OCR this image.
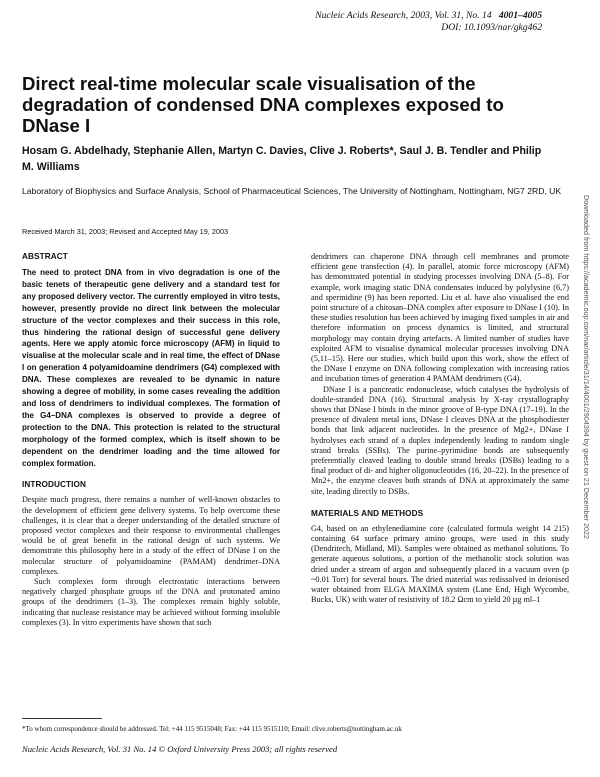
Nucleic Acids Research, 2003, Vol. 31, No. 14 4001–4005
DOI: 10.1093/nar/gkg462
Direct real-time molecular scale visualisation of the degradation of condensed DNA complexes exposed to DNase I
Hosam G. Abdelhady, Stephanie Allen, Martyn C. Davies, Clive J. Roberts*, Saul J. B. Tendler and Philip M. Williams
Laboratory of Biophysics and Surface Analysis, School of Pharmaceutical Sciences, The University of Nottingham, Nottingham, NG7 2RD, UK
Received March 31, 2003; Revised and Accepted May 19, 2003
ABSTRACT

The need to protect DNA from in vivo degradation is one of the basic tenets of therapeutic gene delivery and a standard test for any proposed delivery vector. The currently employed in vitro tests, however, presently provide no direct link between the molecular structure of the vector complexes and their success in this role, thus hindering the rational design of successful gene delivery agents. Here we apply atomic force microscopy (AFM) in liquid to visualise at the molecular scale and in real time, the effect of DNase I on generation 4 polyamidoamine dendrimers (G4) complexed with DNA. These complexes are revealed to be dynamic in nature showing a degree of mobility, in some cases revealing the addition and loss of dendrimers to individual complexes. The formation of the G4–DNA complexes is observed to provide a degree of protection to the DNA. This protection is related to the structural morphology of the formed complex, which is itself shown to be dependent on the dendrimer loading and the time allowed for complex formation.

INTRODUCTION

Despite much progress, there remains a number of well-known obstacles to the development of efficient gene delivery systems. To help overcome these challenges, it is clear that a deeper understanding of the detailed structure of proposed vector complexes and their response to environmental challenges would be of great benefit in the rational design of such systems. We demonstrate this philosophy here in a study of the effect of DNase I on the molecular structure of polyamidoamine (PAMAM) dendrimer–DNA complexes.

Such complexes form through electrostatic interactions between negatively charged phosphate groups of the DNA and protonated amino groups of the dendrimers (1–3). The complexes remain highly soluble, indicating that nuclease resistance may be achieved without forming insoluble complexes (3). In vitro experiments have shown that such

dendrimers can chaperone DNA through cell membranes and promote efficient gene transfection (4). In parallel, atomic force microscopy (AFM) has demonstrated potential in studying processes involving DNA (5–8). For example, work imaging static DNA condensates induced by polylysine (6,7) and spermidine (9) has been reported. Liu et al. have also visualised the end point structure of a chitosan–DNA complex after exposure to DNase I (10). In these studies resolution has been achieved by imaging fixed samples in air and therefore information on process dynamics is limited, and structural morphology may contain drying artefacts. A limited number of studies have exploited AFM to visualise dynamical molecular processes involving DNA (5,11–15). Here our studies, which build upon this work, show the effect of the DNase I enzyme on DNA following complexation with increasing ratios and incubation times of generation 4 PAMAM dendrimers (G4).

DNase I is a pancreatic endonuclease, which catalyses the hydrolysis of double-stranded DNA (16). Structural analysis by X-ray crystallography shows that DNase I binds in the minor groove of B-type DNA (17–19). In the presence of divalent metal ions, DNase I cleaves DNA at the phosphodiester bonds that link adjacent nucleotides. In the presence of Mg2+, DNase I hydrolyses each strand of a duplex independently leading to random single strand breaks (SSBs). The purine–pyrimidine bonds are subsequently preferentially cleaved leading to double strand breaks (DSBs) leading to a final product of di- and higher oligonucleotides (16, 20–22). In the presence of Mn2+, the enzyme cleaves both strands of DNA at approximately the same site, leading directly to DSBs.

MATERIALS AND METHODS

G4, based on an ethylenediamine core (calculated formula weight 14 215) containing 64 surface primary amino groups, were used in this study (Dendritech, Midland, MI). Samples were obtained as methanol solutions. To generate aqueous solutions, a portion of the methanolic stock solution was dried under a stream of argon and subsequently placed in a vacuum oven (p ~0.01 Torr) for several hours. The dried material was redissolved in deionised water obtained from ELGA MAXIMA system (Lane End, High Wycombe, Bucks, UK) with water of resistivity of 18.2 Ωcm to yield 20 µg ml–1

*To whom correspondence should be addressed. Tel: +44 115 9515048; Fax: +44 115 9515110; Email: clive.roberts@nottingham.ac.uk
Nucleic Acids Research, Vol. 31 No. 14 © Oxford University Press 2003; all rights reserved
Downloaded from https://academic.oup.com/nar/article/31/14/4001/2904394 by guest on 21 December 2022
